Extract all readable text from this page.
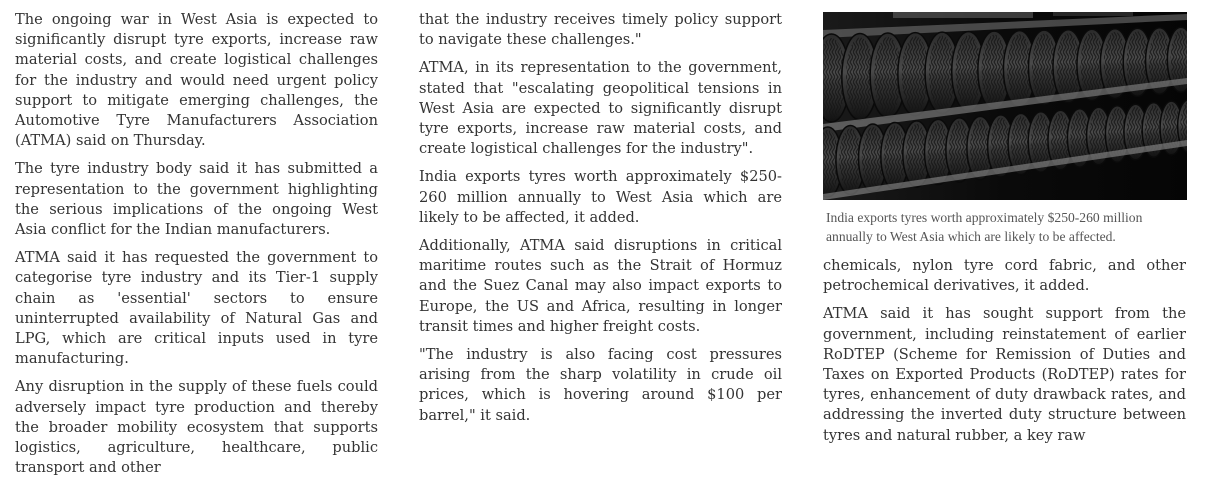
The ongoing war in West Asia is expected to significantly disrupt tyre exports, increase raw material costs, and create logistical challenges for the industry and would need urgent policy support to mitigate emerging challenges, the Automotive Tyre Manufacturers Association (ATMA) said on Thursday.

The tyre industry body said it has submitted a representation to the government highlighting the serious implications of the ongoing West Asia conflict for the Indian manufacturers.

ATMA said it has requested the government to categorise tyre industry and its Tier-1 supply chain as 'essential' sectors to ensure uninterrupted availability of Natural Gas and LPG, which are critical inputs used in tyre manufacturing.

Any disruption in the supply of these fuels could adversely impact tyre production and thereby the broader mobility ecosystem that supports logistics, agriculture, healthcare, public transport and other

that the industry receives timely policy support to navigate these challenges."

ATMA, in its representation to the government, stated that "escalating geopolitical tensions in West Asia are expected to significantly disrupt tyre exports, increase raw material costs, and create logistical challenges for the industry".

India exports tyres worth approximately $250-260 million annually to West Asia which are likely to be affected, it added.

Additionally, ATMA said disruptions in critical maritime routes such as the Strait of Hormuz and the Suez Canal may also impact exports to Europe, the US and Africa, resulting in longer transit times and higher freight costs.

"The industry is also facing cost pressures arising from the sharp volatility in crude oil prices, which is hovering around $100 per barrel," it said.

India exports tyres worth approximately $250-260 million annually to West Asia which are likely to be affected.

chemicals, nylon tyre cord fabric, and other petrochemical derivatives, it added.

ATMA said it has sought support from the government, including reinstatement of earlier RoDTEP (Scheme for Remission of Duties and Taxes on Exported Products (RoDTEP) rates for tyres, enhancement of duty drawback rates, and addressing the inverted duty structure between tyres and natural rubber, a key raw
